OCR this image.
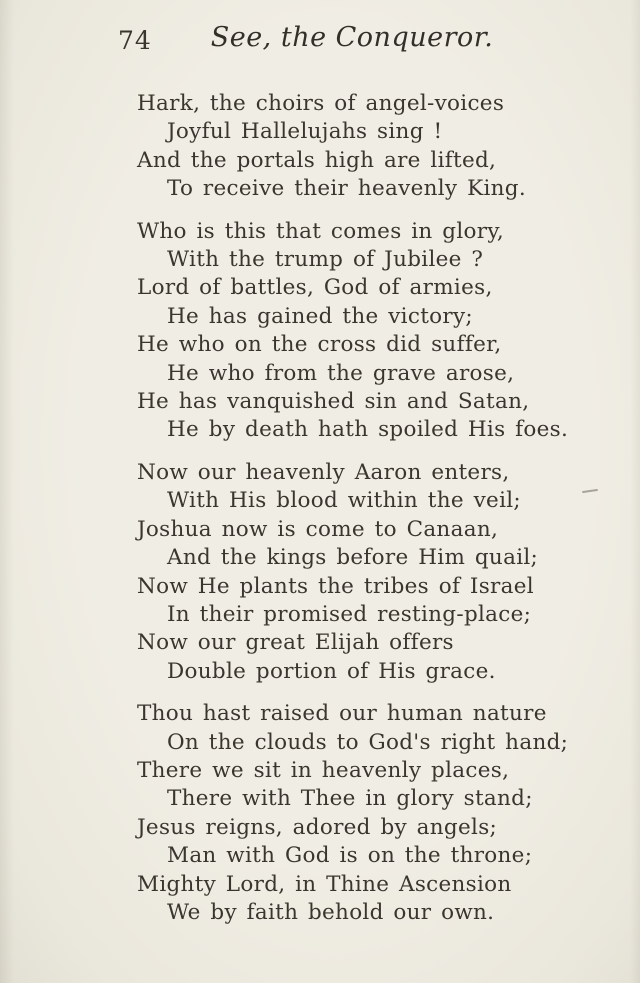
74 See, the Conqueror.

Hark, the choirs of angel-voices

Joyful Hallelujahs sing !

And the portals high are lifted,

To receive their heavenly King.

Who is this that comes in glory,

With the trump of Jubilee ?

Lord of battles, God of armies,

He has gained the victory;

He who on the cross did suffer,

He who from the grave arose,

He has vanquished sin and Satan,

He by death hath spoiled His foes.

Now our heavenly Aaron enters,

With His blood within the veil;

Joshua now is come to Canaan,

And the kings before Him quail;

Now He plants the tribes of Israel

In their promised resting-place;

Now our great Elijah offers

Double portion of His grace.

Thou hast raised our human nature

On the clouds to God's right hand;

There we sit in heavenly places,

There with Thee in glory stand;

Jesus reigns, adored by angels;

Man with God is on the throne;

Mighty Lord, in Thine Ascension

We by faith behold our own.
